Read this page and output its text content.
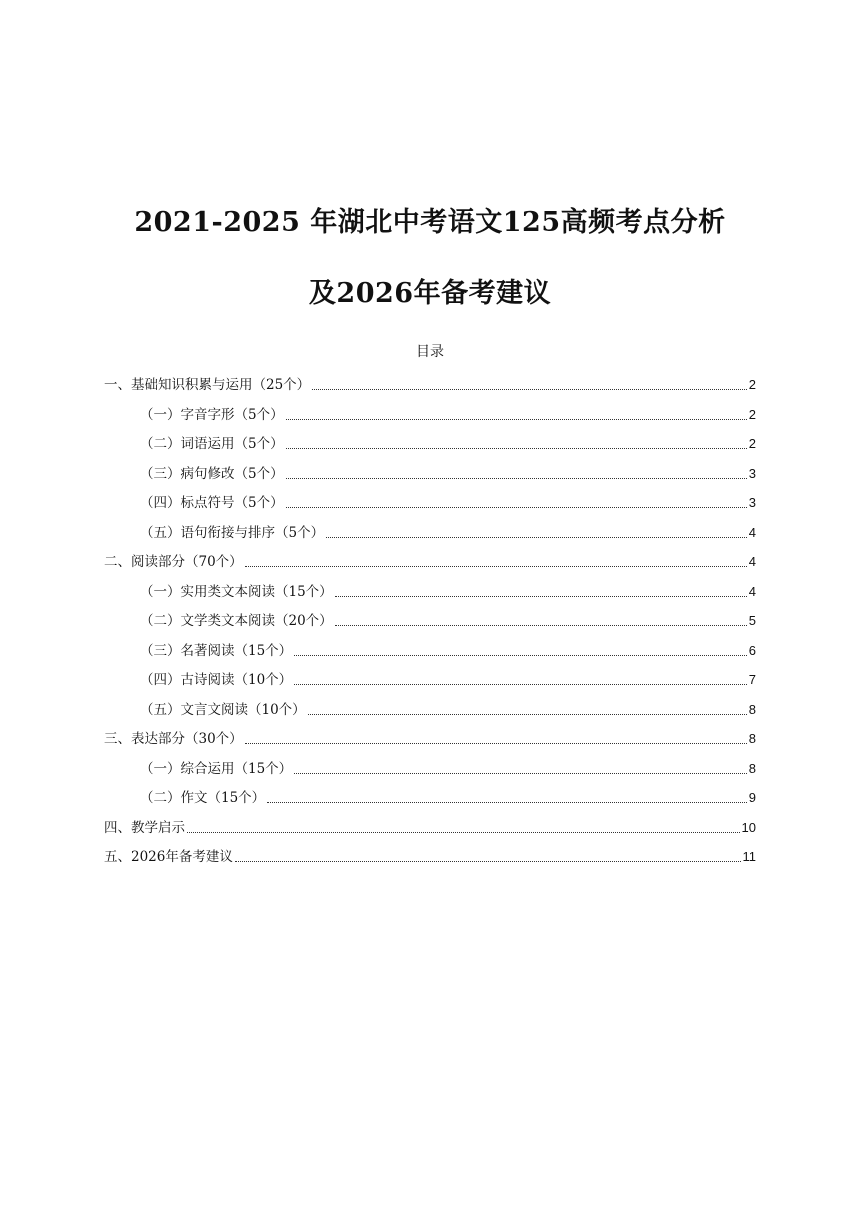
2021-2025 年湖北中考语文125高频考点分析
及2026年备考建议
目录
一、基础知识积累与运用（25个）	2
（一）字音字形（5个）	2
（二）词语运用（5个）	2
（三）病句修改（5个）	3
（四）标点符号（5个）	3
（五）语句衔接与排序（5个）	4
二、阅读部分（70个）	4
（一）实用类文本阅读（15个）	4
（二）文学类文本阅读（20个）	5
（三）名著阅读（15个）	6
（四）古诗阅读（10个）	7
（五）文言文阅读（10个）	8
三、表达部分（30个）	8
（一）综合运用（15个）	8
（二）作文（15个）	9
四、教学启示	10
五、2026年备考建议	11
